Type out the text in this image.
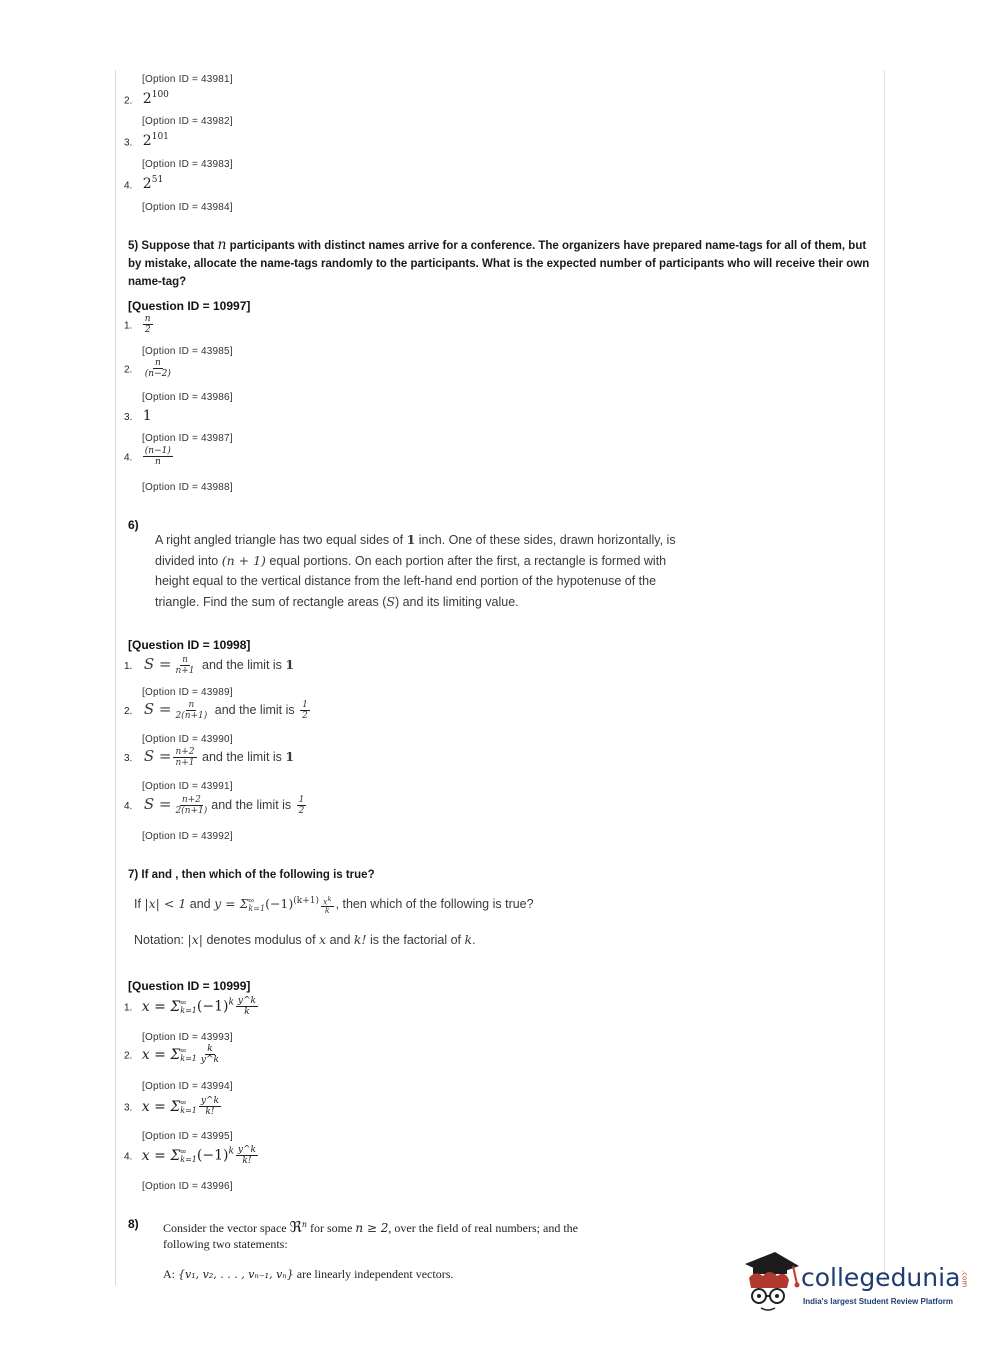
[Option ID = 43981]
2. $2^{100}$
[Option ID = 43982]
3. $2^{101}$
[Option ID = 43983]
4. $2^{51}$
[Option ID = 43984]
5) Suppose that n participants with distinct names arrive for a conference. The organizers have prepared name-tags for all of them, but by mistake, allocate the name-tags randomly to the participants. What is the expected number of participants who will receive their own name-tag?
[Question ID = 10997]
1. $\frac{n}{2}$
[Option ID = 43985]
2. $\frac{n}{(n-2)}$
[Option ID = 43986]
3. 1
[Option ID = 43987]
4. $\frac{(n-1)}{n}$
[Option ID = 43988]
6)
A right angled triangle has two equal sides of 1 inch. One of these sides, drawn horizontally, is
divided into (n + 1) equal portions. On each portion after the first, a rectangle is formed with
height equal to the vertical distance from the left-hand end portion of the hypotenuse of the
triangle. Find the sum of rectangle areas (S) and its limiting value.
[Question ID = 10998]
1. $S = \frac{n}{n+1}$ and the limit is 1
[Option ID = 43989]
2. $S = \frac{n}{2(n+1)}$ and the limit is $\frac{1}{2}$
[Option ID = 43990]
3. $S = \frac{n+2}{n+1}$ and the limit is 1
[Option ID = 43991]
4. $S = \frac{n+2}{2(n+1)}$ and the limit is $\frac{1}{2}$
[Option ID = 43992]
7) If and , then which of the following is true?
If |x| < 1 and y = Σ ∞
k=1 $(-1)^{(k+1)} \frac{x^k}{k}$ , then which of the following is true?
Notation: |x| denotes modulus of x and k! is the factorial of k.
[Question ID = 10999]
1. x = Σ ∞
k=1 $(-1)^k \frac{y\^{}k}{k}$
[Option ID = 43993]
2. x = Σ ∞
$k=1 \frac{k}{y\^{}k}$
[Option ID = 43994]
3. x = Σ ∞
$k=1 \frac{y\^{}k}{k!}$
[Option ID = 43995]
4. x = Σ ∞
k=1 $(-1)^k \frac{y\^{}k}{k!}$
[Option ID = 43996]
8) Consider the vector space ℜ$^n$ for some n ≥ 2, over the field of real numbers; and the
following two statements:
A: {v₁, v₂, . . . , vₙ₋₁, vₙ} are linearly independent vectors.	collegedunia.com
India's largest Student Review Platform
